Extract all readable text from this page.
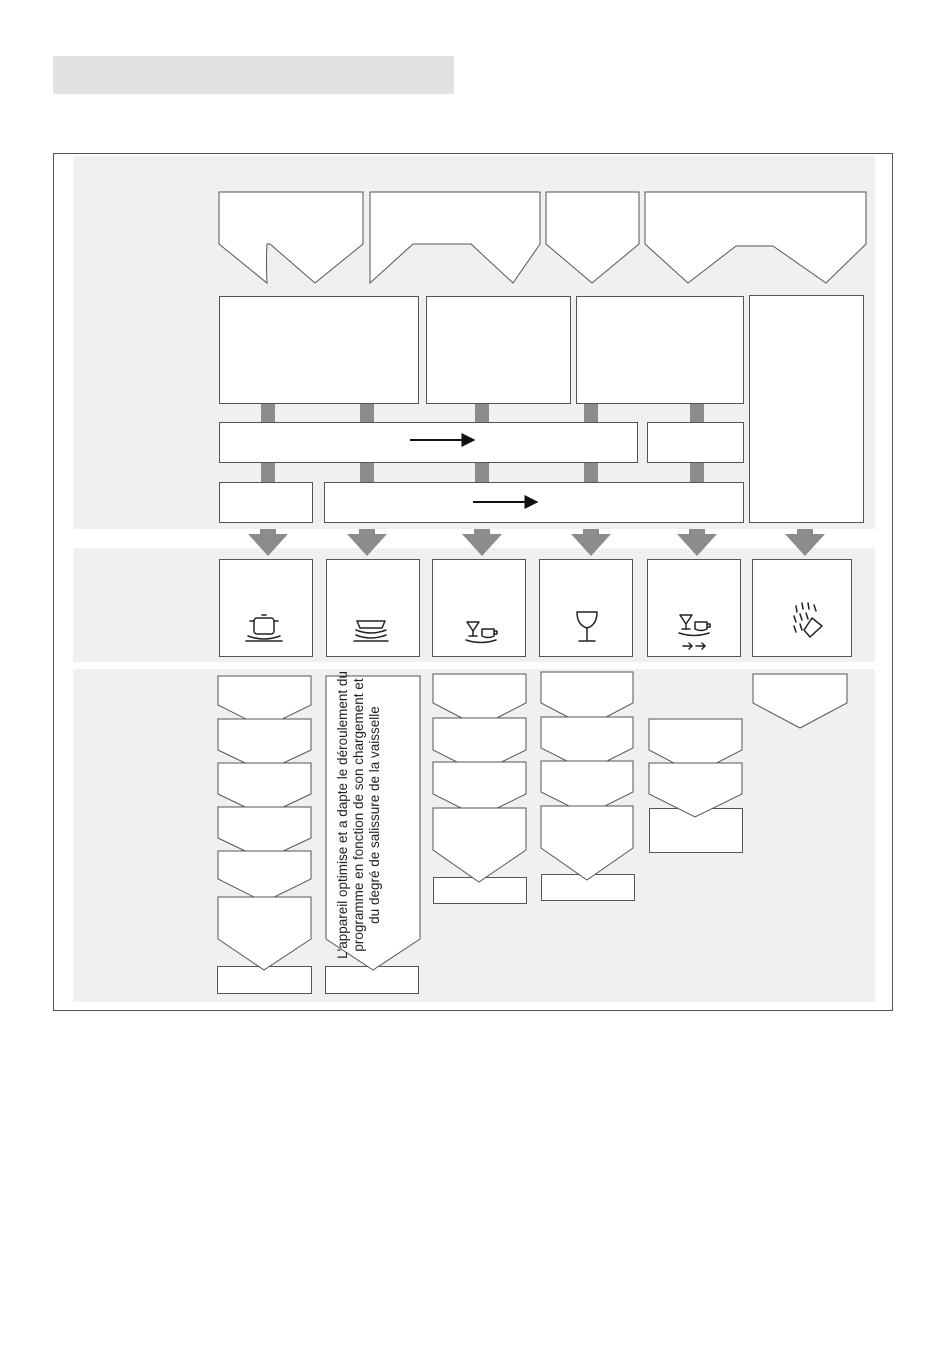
L'appareil optimise et a dapte le déroulement du programme en fonction de son chargement et du degré de salissure de la vaisselle
